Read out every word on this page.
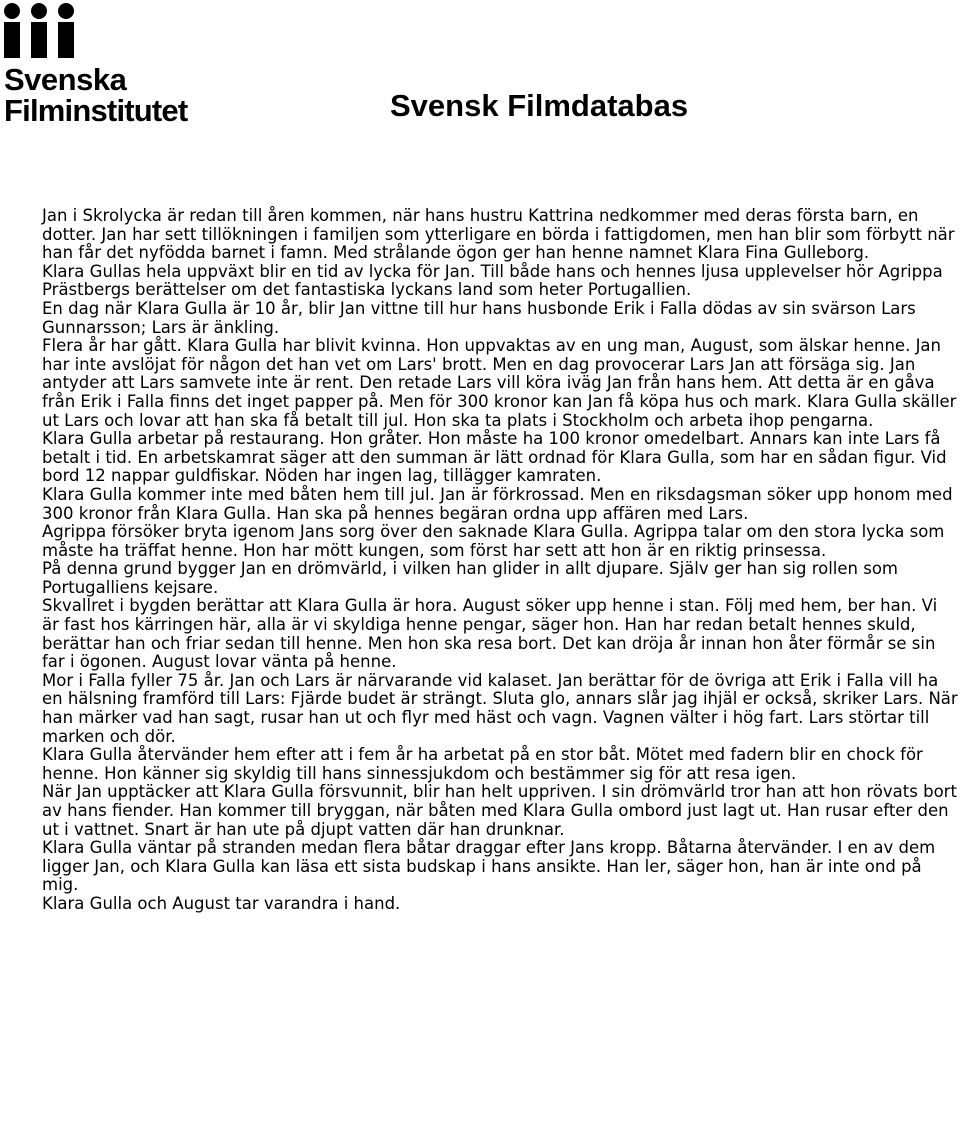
Svenska
Filminstitutet	Svensk Filmdatabas

Jan i Skrolycka är redan till åren kommen, när hans hustru Kattrina nedkommer med deras första barn, en dotter. Jan har sett tillökningen i familjen som ytterligare en börda i fattigdomen, men han blir som förbytt när han får det nyfödda barnet i famn. Med strålande ögon ger han henne namnet Klara Fina Gulleborg.

Klara Gullas hela uppväxt blir en tid av lycka för Jan. Till både hans och hennes ljusa upplevelser hör Agrippa Prästbergs berättelser om det fantastiska lyckans land som heter Portugallien.

En dag när Klara Gulla är 10 år, blir Jan vittne till hur hans husbonde Erik i Falla dödas av sin svärson Lars Gunnarsson; Lars är änkling.

Flera år har gått. Klara Gulla har blivit kvinna. Hon uppvaktas av en ung man, August, som älskar henne. Jan har inte avslöjat för någon det han vet om Lars' brott. Men en dag provocerar Lars Jan att försäga sig. Jan antyder att Lars samvete inte är rent. Den retade Lars vill köra iväg Jan från hans hem. Att detta är en gåva från Erik i Falla finns det inget papper på. Men för 300 kronor kan Jan få köpa hus och mark. Klara Gulla skäller ut Lars och lovar att han ska få betalt till jul. Hon ska ta plats i Stockholm och arbeta ihop pengarna.

Klara Gulla arbetar på restaurang. Hon gråter. Hon måste ha 100 kronor omedelbart. Annars kan inte Lars få betalt i tid. En arbetskamrat säger att den summan är lätt ordnad för Klara Gulla, som har en sådan figur. Vid bord 12 nappar guldfiskar. Nöden har ingen lag, tillägger kamraten.

Klara Gulla kommer inte med båten hem till jul. Jan är förkrossad. Men en riksdagsman söker upp honom med 300 kronor från Klara Gulla. Han ska på hennes begäran ordna upp affären med Lars.

Agrippa försöker bryta igenom Jans sorg över den saknade Klara Gulla. Agrippa talar om den stora lycka som måste ha träffat henne. Hon har mött kungen, som först har sett att hon är en riktig prinsessa.

På denna grund bygger Jan en drömvärld, i vilken han glider in allt djupare. Själv ger han sig rollen som Portugalliens kejsare.

Skvallret i bygden berättar att Klara Gulla är hora. August söker upp henne i stan. Följ med hem, ber han. Vi är fast hos kärringen här, alla är vi skyldiga henne pengar, säger hon. Han har redan betalt hennes skuld, berättar han och friar sedan till henne. Men hon ska resa bort. Det kan dröja år innan hon åter förmår se sin far i ögonen. August lovar vänta på henne.

Mor i Falla fyller 75 år. Jan och Lars är närvarande vid kalaset. Jan berättar för de övriga att Erik i Falla vill ha en hälsning framförd till Lars: Fjärde budet är strängt. Sluta glo, annars slår jag ihjäl er också, skriker Lars. När han märker vad han sagt, rusar han ut och flyr med häst och vagn. Vagnen välter i hög fart. Lars störtar till marken och dör.

Klara Gulla återvänder hem efter att i fem år ha arbetat på en stor båt. Mötet med fadern blir en chock för henne. Hon känner sig skyldig till hans sinnessjukdom och bestämmer sig för att resa igen.

När Jan upptäcker att Klara Gulla försvunnit, blir han helt uppriven. I sin drömvärld tror han att hon rövats bort av hans fiender. Han kommer till bryggan, när båten med Klara Gulla ombord just lagt ut. Han rusar efter den ut i vattnet. Snart är han ute på djupt vatten där han drunknar.

Klara Gulla väntar på stranden medan flera båtar draggar efter Jans kropp. Båtarna återvänder. I en av dem ligger Jan, och Klara Gulla kan läsa ett sista budskap i hans ansikte. Han ler, säger hon, han är inte ond på mig.

Klara Gulla och August tar varandra i hand.
